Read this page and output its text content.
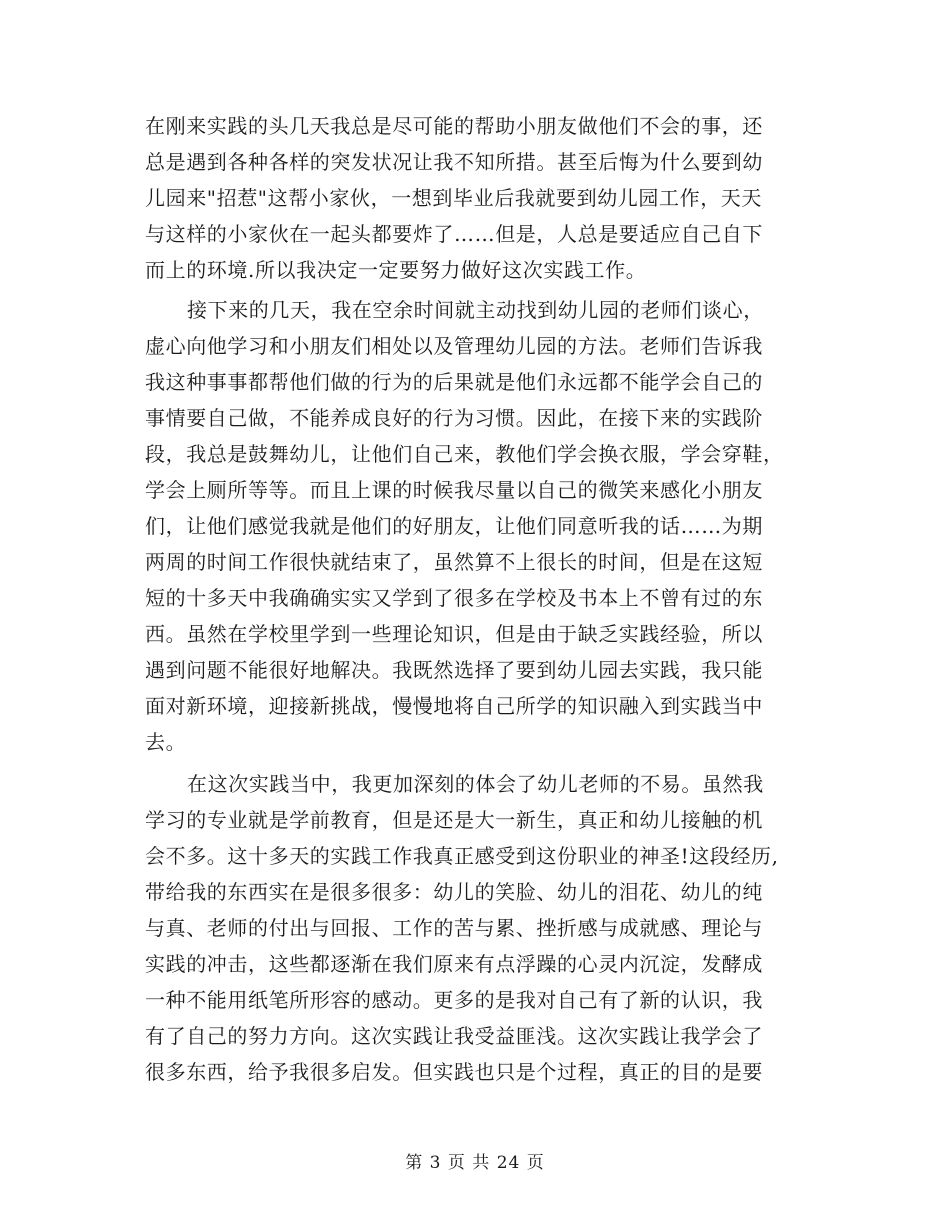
在刚来实践的头几天我总是尽可能的帮助小朋友做他们不会的事，还
总是遇到各种各样的突发状况让我不知所措。甚至后悔为什么要到幼
儿园来"招惹"这帮小家伙，一想到毕业后我就要到幼儿园工作，天天
与这样的小家伙在一起头都要炸了……但是，人总是要适应自己自下
而上的环境.所以我决定一定要努力做好这次实践工作。
接下来的几天，我在空余时间就主动找到幼儿园的老师们谈心，
虚心向他学习和小朋友们相处以及管理幼儿园的方法。老师们告诉我
我这种事事都帮他们做的行为的后果就是他们永远都不能学会自己的
事情要自己做，不能养成良好的行为习惯。因此，在接下来的实践阶
段，我总是鼓舞幼儿，让他们自己来，教他们学会换衣服，学会穿鞋，
学会上厕所等等。而且上课的时候我尽量以自己的微笑来感化小朋友
们，让他们感觉我就是他们的好朋友，让他们同意听我的话……为期
两周的时间工作很快就结束了，虽然算不上很长的时间，但是在这短
短的十多天中我确确实实又学到了很多在学校及书本上不曾有过的东
西。虽然在学校里学到一些理论知识，但是由于缺乏实践经验，所以
遇到问题不能很好地解决。我既然选择了要到幼儿园去实践，我只能
面对新环境，迎接新挑战，慢慢地将自己所学的知识融入到实践当中
去。
在这次实践当中，我更加深刻的体会了幼儿老师的不易。虽然我
学习的专业就是学前教育，但是还是大一新生，真正和幼儿接触的机
会不多。这十多天的实践工作我真正感受到这份职业的神圣!这段经历,
带给我的东西实在是很多很多：幼儿的笑脸、幼儿的泪花、幼儿的纯
与真、老师的付出与回报、工作的苦与累、挫折感与成就感、理论与
实践的冲击，这些都逐渐在我们原来有点浮躁的心灵内沉淀，发酵成
一种不能用纸笔所形容的感动。更多的是我对自己有了新的认识，我
有了自己的努力方向。这次实践让我受益匪浅。这次实践让我学会了
很多东西，给予我很多启发。但实践也只是个过程，真正的目的是要
第 3 页 共 24 页
